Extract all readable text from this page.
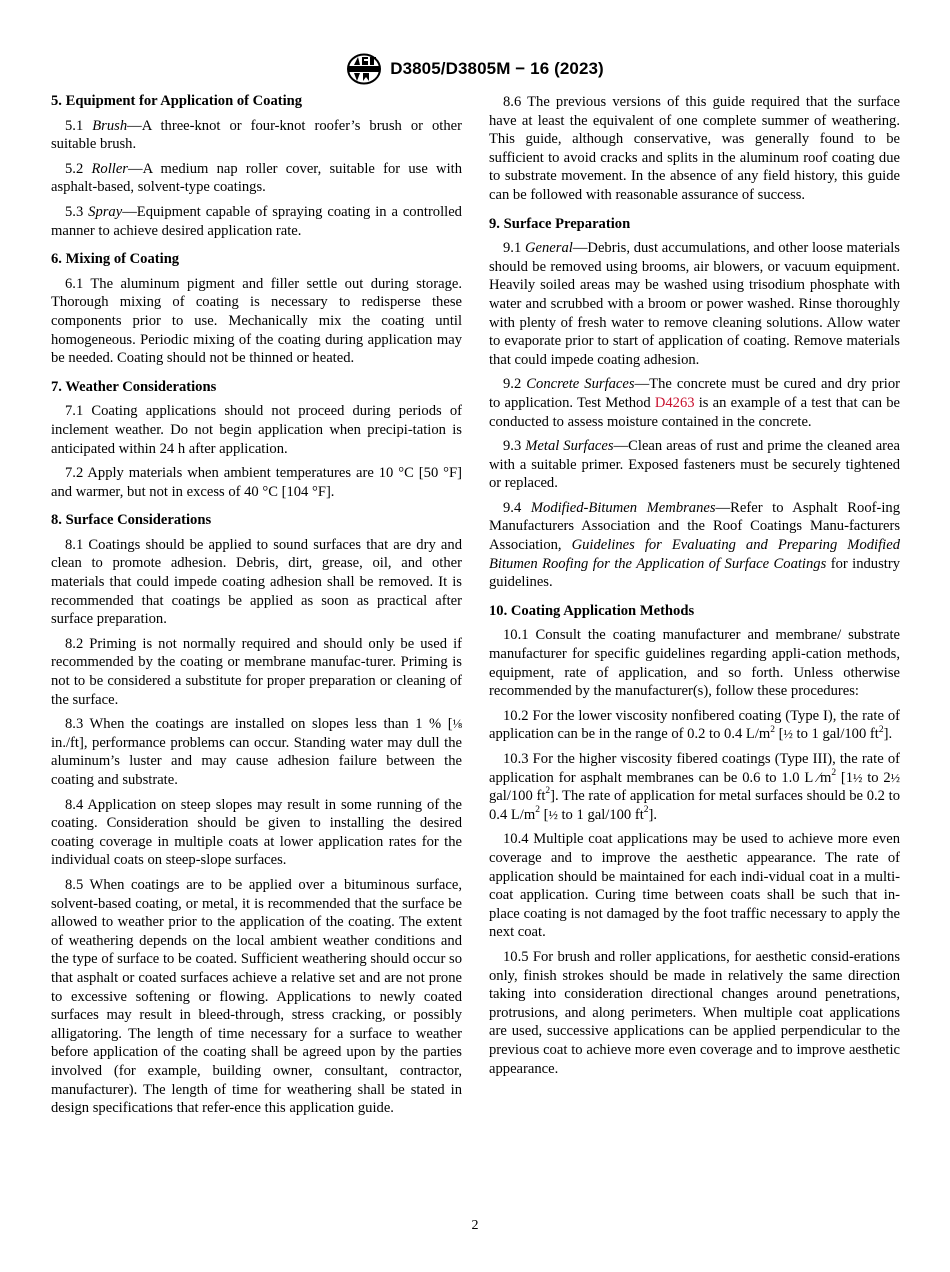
D3805/D3805M − 16 (2023)
5. Equipment for Application of Coating

5.1 Brush—A three-knot or four-knot roofer’s brush or other suitable brush.

5.2 Roller—A medium nap roller cover, suitable for use with asphalt-based, solvent-type coatings.

5.3 Spray—Equipment capable of spraying coating in a controlled manner to achieve desired application rate.

6. Mixing of Coating

6.1 The aluminum pigment and filler settle out during storage. Thorough mixing of coating is necessary to redisperse these components prior to use. Mechanically mix the coating until homogeneous. Periodic mixing of the coating during application may be needed. Coating should not be thinned or heated.

7. Weather Considerations

7.1 Coating applications should not proceed during periods of inclement weather. Do not begin application when precipi-tation is anticipated within 24 h after application.

7.2 Apply materials when ambient temperatures are 10 °C [50 °F] and warmer, but not in excess of 40 °C [104 °F].

8. Surface Considerations

8.1 Coatings should be applied to sound surfaces that are dry and clean to promote adhesion. Debris, dirt, grease, oil, and other materials that could impede coating adhesion shall be removed. It is recommended that coatings be applied as soon as practical after surface preparation.

8.2 Priming is not normally required and should only be used if recommended by the coating or membrane manufac-turer. Priming is not to be considered a substitute for proper preparation or cleaning of the surface.

8.3 When the coatings are installed on slopes less than 1 % [⅛ in./ft], performance problems can occur. Standing water may dull the aluminum’s luster and may cause adhesion failure between the coating and substrate.

8.4 Application on steep slopes may result in some running of the coating. Consideration should be given to installing the desired coating coverage in multiple coats at lower application rates for the individual coats on steep-slope surfaces.

8.5 When coatings are to be applied over a bituminous surface, solvent-based coating, or metal, it is recommended that the surface be allowed to weather prior to the application of the coating. The extent of weathering depends on the local ambient weather conditions and the type of surface to be coated. Sufficient weathering should occur so that asphalt or coated surfaces achieve a relative set and are not prone to excessive softening or flowing. Applications to newly coated surfaces may result in bleed-through, stress cracking, or possibly alligatoring. The length of time necessary for a surface to weather before application of the coating shall be agreed upon by the parties involved (for example, building owner, consultant, contractor, manufacturer). The length of time for weathering shall be stated in design specifications that refer-ence this application guide.

8.6 The previous versions of this guide required that the surface have at least the equivalent of one complete summer of weathering. This guide, although conservative, was generally found to be sufficient to avoid cracks and splits in the aluminum roof coating due to substrate movement. In the absence of any field history, this guide can be followed with reasonable assurance of success.

9. Surface Preparation

9.1 General—Debris, dust accumulations, and other loose materials should be removed using brooms, air blowers, or vacuum equipment. Heavily soiled areas may be washed using trisodium phosphate with water and scrubbed with a broom or power washed. Rinse thoroughly with plenty of fresh water to remove cleaning solutions. Allow water to evaporate prior to start of application of coating. Remove materials that could impede coating adhesion.

9.2 Concrete Surfaces—The concrete must be cured and dry prior to application. Test Method D4263 is an example of a test that can be conducted to assess moisture contained in the concrete.

9.3 Metal Surfaces—Clean areas of rust and prime the cleaned area with a suitable primer. Exposed fasteners must be securely tightened or replaced.

9.4 Modified-Bitumen Membranes—Refer to Asphalt Roof-ing Manufacturers Association and the Roof Coatings Manu-facturers Association, Guidelines for Evaluating and Preparing Modified Bitumen Roofing for the Application of Surface Coatings for industry guidelines.

10. Coating Application Methods

10.1 Consult the coating manufacturer and membrane/ substrate manufacturer for specific guidelines regarding appli-cation methods, equipment, rate of application, and so forth. Unless otherwise recommended by the manufacturer(s), follow these procedures:

10.2 For the lower viscosity nonfibered coating (Type I), the rate of application can be in the range of 0.2 to 0.4 $L/m^2$ [½ to 1 gal/100 $ft^2$].

10.3 For the higher viscosity fibered coatings (Type III), the rate of application for asphalt membranes can be 0.6 to 1.0 L $⁄m^2$ [1½ to 2½ gal/100 $ft^2$]. The rate of application for metal surfaces should be 0.2 to 0.4 $L/m^2$ [½ to 1 gal/100 $ft^2$].

10.4 Multiple coat applications may be used to achieve more even coverage and to improve the aesthetic appearance. The rate of application should be maintained for each indi-vidual coat in a multi-coat application. Curing time between coats shall be such that in-place coating is not damaged by the foot traffic necessary to apply the next coat.

10.5 For brush and roller applications, for aesthetic consid-erations only, finish strokes should be made in relatively the same direction taking into consideration directional changes around penetrations, protrusions, and along perimeters. When multiple coat applications are used, successive applications can be applied perpendicular to the previous coat to achieve more even coverage and to improve aesthetic appearance.

2
